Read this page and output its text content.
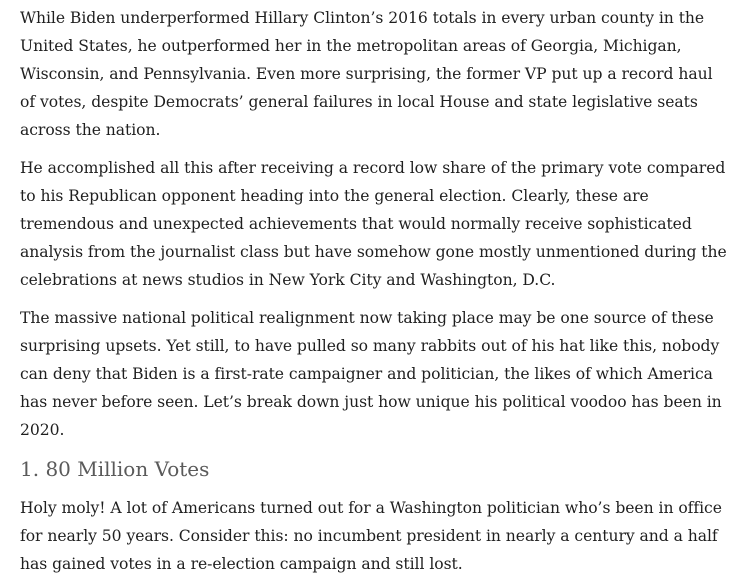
While Biden underperformed Hillary Clinton’s 2016 totals in every urban county in the United States, he outperformed her in the metropolitan areas of Georgia, Michigan, Wisconsin, and Pennsylvania. Even more surprising, the former VP put up a record haul of votes, despite Democrats’ general failures in local House and state legislative seats across the nation.

He accomplished all this after receiving a record low share of the primary vote compared to his Republican opponent heading into the general election. Clearly, these are tremendous and unexpected achievements that would normally receive sophisticated analysis from the journalist class but have somehow gone mostly unmentioned during the celebrations at news studios in New York City and Washington, D.C.

The massive national political realignment now taking place may be one source of these surprising upsets. Yet still, to have pulled so many rabbits out of his hat like this, nobody can deny that Biden is a first-rate campaigner and politician, the likes of which America has never before seen. Let’s break down just how unique his political voodoo has been in 2020.

1. 80 Million Votes

Holy moly! A lot of Americans turned out for a Washington politician who’s been in office for nearly 50 years. Consider this: no incumbent president in nearly a century and a half has gained votes in a re-election campaign and still lost.
